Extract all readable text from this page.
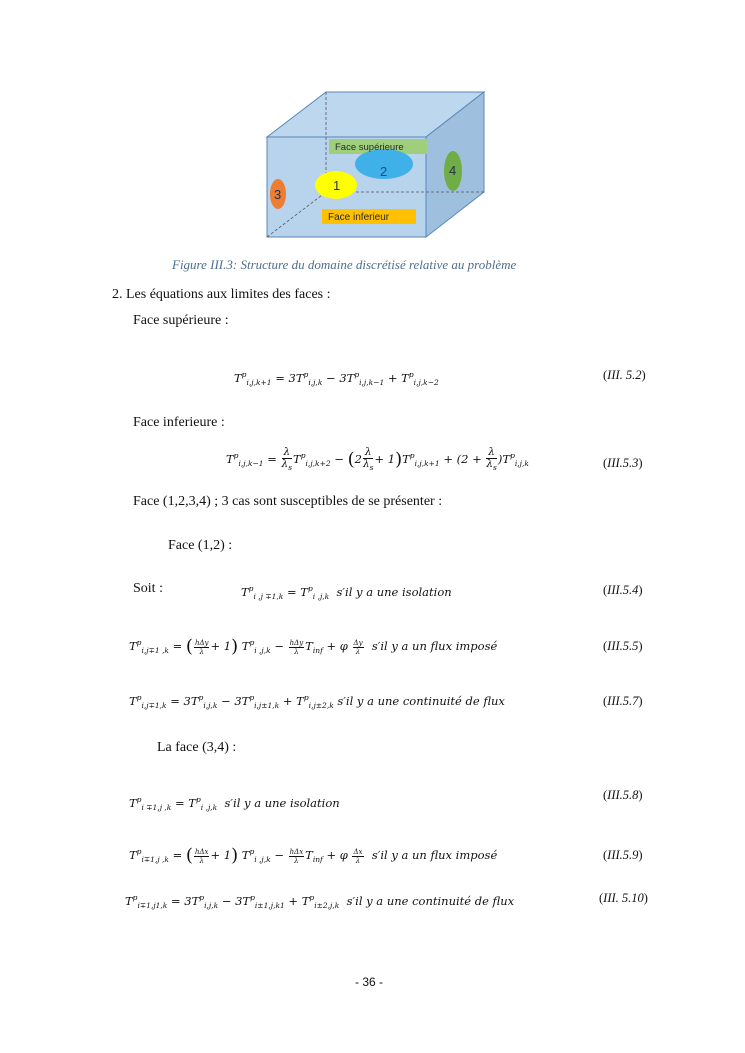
Face supérieure
2
1
3
4
Face inferieur
Figure III.3: Structure du domaine discrétisé relative au problème
2. Les équations aux limites des faces :
Face supérieure :
$T^p_{i,j,k+1} = 3T^p_{i,j,k} - 3T^p_{i,j,k-1} + T^p_{i,j,k-2}$
(III. 5.2)
Face inferieure :
$T^p_{i,j,k-1} = \frac{\lambda}{\lambda_s} T^p_{i,j,k+2} - (2 \frac{\lambda}{\lambda_s} + 1)T^p_{i,j,k+1} + (2 + \frac{\lambda}{\lambda_s} )T^p_{i,j,k}$	(III.5.3)
Face (1,2,3,4) ; 3 cas sont susceptibles de se présenter :
Face (1,2) :
Soit :	$T^p_{i ,j \mp 1,k} = T^p_{i ,j,k}$ s′il y a une isolation	(III.5.4)
$T^p_{i,j\mp 1 ,k}$ = ( $\frac{\text{hΔy}}{\lambda} + 1$) $T^p_{i ,j,k} - \frac{\text{hΔy}}{\lambda} T_{inf} + \varphi \frac{\Delta y}{\lambda} s'il$ y a un flux imposé	(III.5.5)
$T^p_{i,j\mp 1,k} = 3T^p_{i,j,k} - 3T^p_{i,j\pm 1,k} + T^p_{i,j\pm 2,k}$ s′il y a une continuité de flux	(III.5.7)
La face (3,4) :
$T^p_{i \mp 1,j ,k} = T^p_{i ,j,k}$ s′il y a une isolation
(III.5.8)
$T^p_{i\mp 1,j ,k}$ = ( $\frac{\text{hΔx}}{\lambda} + 1$) $T^p_{i ,j,k} - \frac{\text{hΔx}}{\lambda} T_{inf} + \varphi \frac{\Delta x}{\lambda} s'il$ y a un flux imposé	(III.5.9)
$T^p_{i\mp 1,j1,k} = 3T^p_{i,j,k} - 3T^p_{i\pm 1,j,k1} + T^p_{i\pm 2,j,k}$ s′il y a une continuité de flux	(III. 5.10)
- 36 -
